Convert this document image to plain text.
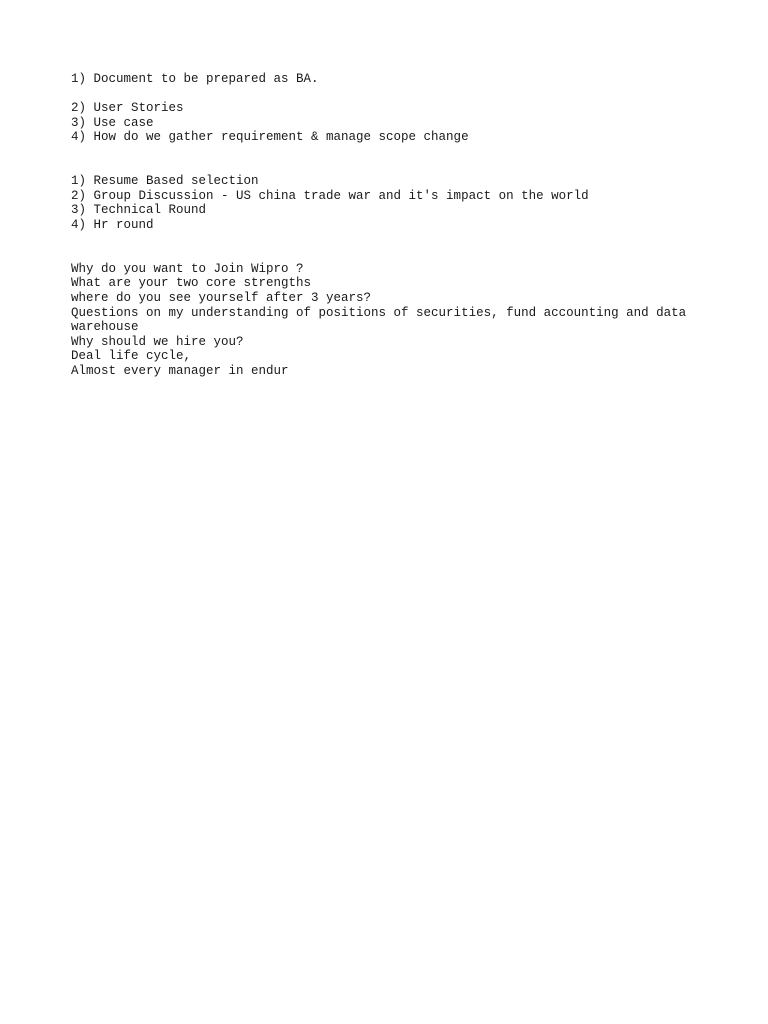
1) Document to be prepared as BA.
2) User Stories
3) Use case
4) How do we gather requirement & manage scope change
1) Resume Based selection
2) Group Discussion - US china trade war and it's impact on the world
3) Technical Round
4) Hr round
Why do you want to Join Wipro ?
What are your two core strengths
where do you see yourself after 3 years?
Questions on my understanding of positions of securities, fund accounting and data warehouse
Why should we hire you?
Deal life cycle,
Almost every manager in endur
